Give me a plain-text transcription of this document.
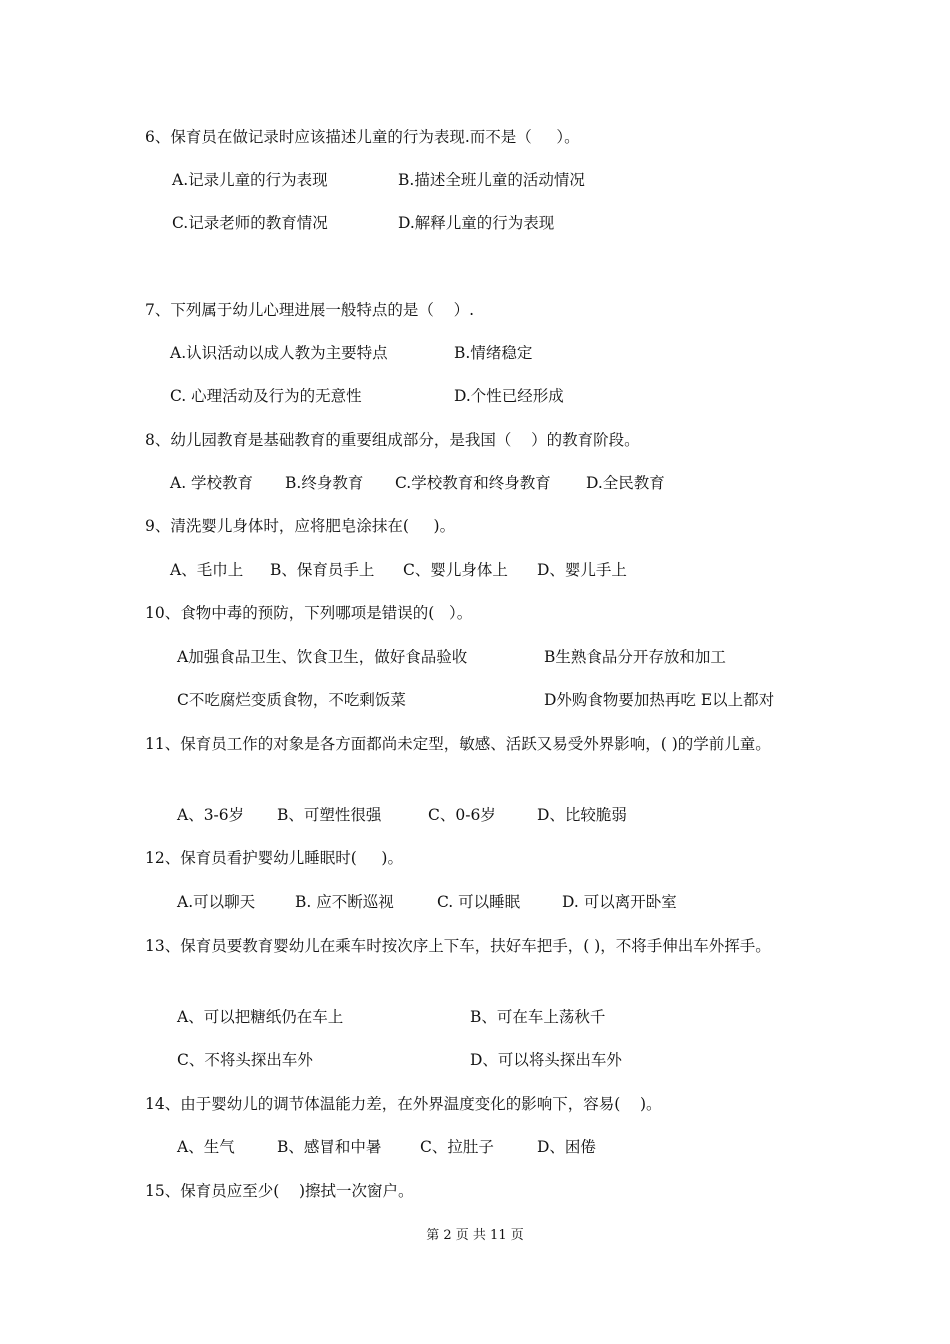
6、保育员在做记录时应该描述儿童的行为表现.而不是（     ）。
A.记录儿童的行为表现	B.描述全班儿童的活动情况
C.记录老师的教育情况	D.解释儿童的行为表现
7、下列属于幼儿心理进展一般特点的是（    ）.
A.认识活动以成人教为主要特点	B.情绪稳定
C. 心理活动及行为的无意性	D.个性已经形成
8、幼儿园教育是基础教育的重要组成部分，是我国（    ）的教育阶段。
A. 学校教育 B.终身教育 C.学校教育和终身教育 D.全民教育
9、清洗婴儿身体时，应将肥皂涂抹在(     )。
A、毛巾上 B、保育员手上 C、婴儿身体上 D、婴儿手上
10、食物中毒的预防，下列哪项是错误的(   ）。
A加强食品卫生、饮食卫生，做好食品验收	B生熟食品分开存放和加工
C不吃腐烂变质食物，不吃剩饭菜	D外购食物要加热再吃 E以上都对
11、保育员工作的对象是各方面都尚未定型，敏感、活跃又易受外界影响，( )的学前儿童。
A、3-6岁 B、可塑性很强	C、0-6岁	D、比较脆弱
12、保育员看护婴幼儿睡眠时(     )。
A.可以聊天	B. 应不断巡视	C. 可以睡眠	D. 可以离开卧室
13、保育员要教育婴幼儿在乘车时按次序上下车，扶好车把手，( )，不将手伸出车外挥手。
A、可以把糖纸仍在车上	B、可在车上荡秋千
C、不将头探出车外	D、可以将头探出车外
14、由于婴幼儿的调节体温能力差，在外界温度变化的影响下，容易(    )。
A、生气	B、感冒和中暑 C、拉肚子	D、困倦
15、保育员应至少(    )擦拭一次窗户。
第 2 页 共 11 页
